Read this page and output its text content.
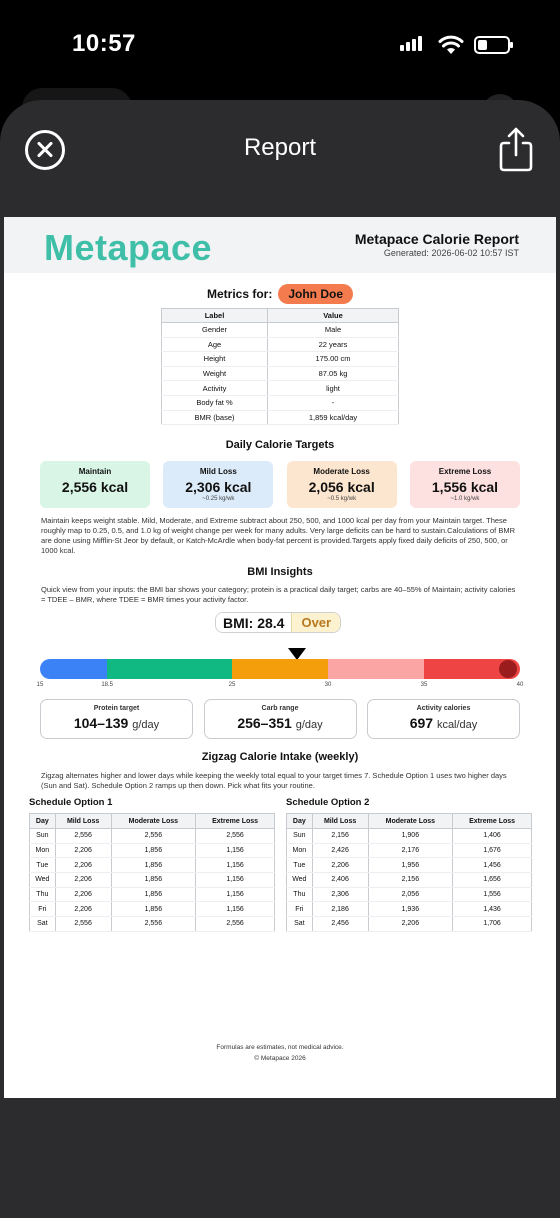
10:57
Report
Metapace	Metapace Calorie Report
Generated: 2026-06-02 10:57 IST
Metrics for:	John Doe
Label	Value
Gender	Male
Age	22 years
Height	175.00 cm
Weight	87.05 kg
Activity	light
Body fat %	-
BMR (base)	1,859 kcal/day
Daily Calorie Targets
Maintain
2,556 kcal
Mild Loss
2,306 kcal
~0.25 kg/wk
Moderate Loss
2,056 kcal
~0.5 kg/wk
Extreme Loss
1,556 kcal
~1.0 kg/wk
Maintain keeps weight stable. Mild, Moderate, and Extreme subtract about 250, 500, and 1000 kcal per day from your Maintain target. These roughly map to 0.25, 0.5, and 1.0 kg of weight change per week for many adults. Very large deficits can be hard to sustain.Calculations of BMR are done using Mifflin-St Jeor by default, or Katch-McArdle when body-fat percent is provided.Targets apply fixed daily deficits of 250, 500, or 1000 kcal.
BMI Insights
Quick view from your inputs: the BMI bar shows your category; protein is a practical daily target; carbs are 40–55% of Maintain; activity calories = TDEE – BMR, where TDEE = BMR times your activity factor.
BMI: 28.4	Over
15	18.5	25	30	35	40
Protein target
104–139 g/day
Carb range
256–351 g/day
Activity calories
697 kcal/day
Zigzag Calorie Intake (weekly)
Zigzag alternates higher and lower days while keeping the weekly total equal to your target times 7. Schedule Option 1 uses two higher days (Sun and Sat). Schedule Option 2 ramps up then down. Pick what fits your routine.
Schedule Option 1
Day	Mild Loss	Moderate Loss	Extreme Loss
Sun	2,556	2,556	2,556
Mon	2,206	1,856	1,156
Tue	2,206	1,856	1,156
Wed	2,206	1,856	1,156
Thu	2,206	1,856	1,156
Fri	2,206	1,856	1,156
Sat	2,556	2,556	2,556
Schedule Option 2
Day	Mild Loss	Moderate Loss	Extreme Loss
Sun	2,156	1,906	1,406
Mon	2,426	2,176	1,676
Tue	2,206	1,956	1,456
Wed	2,406	2,156	1,656
Thu	2,306	2,056	1,556
Fri	2,186	1,936	1,436
Sat	2,456	2,206	1,706
Formulas are estimates, not medical advice.
© Metapace 2026
